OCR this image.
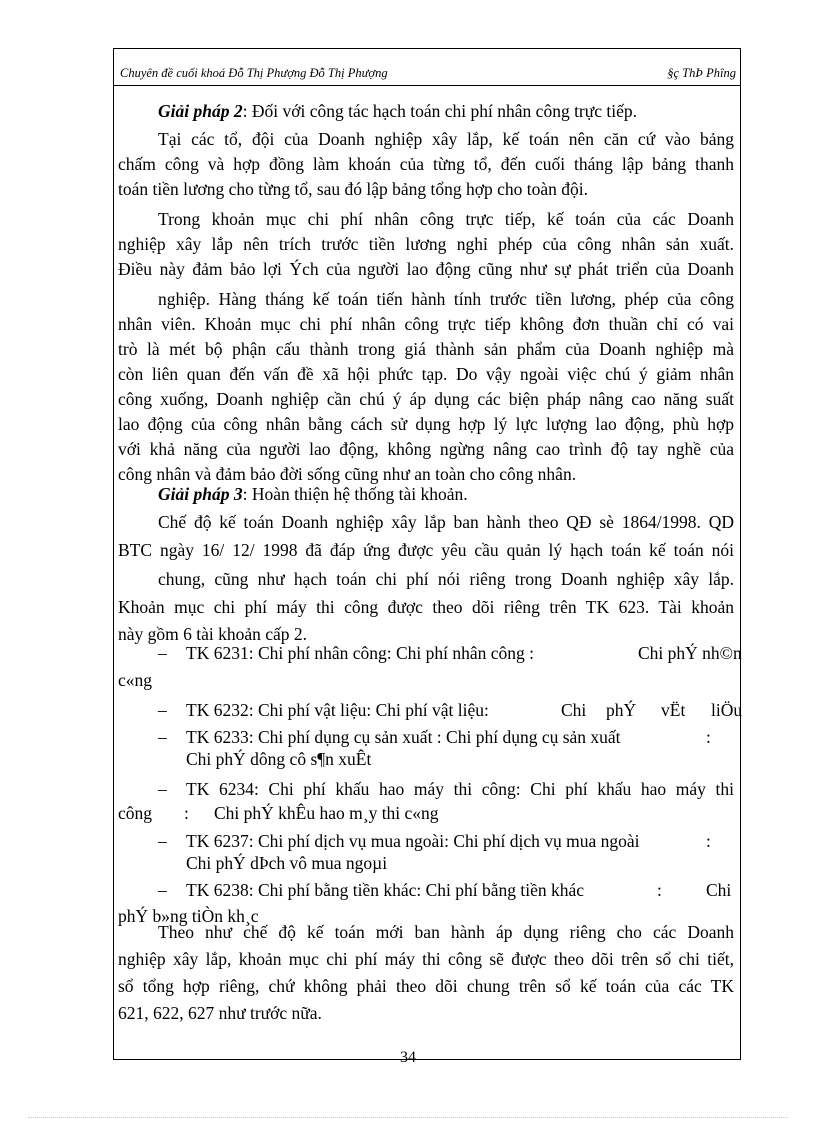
Chuyên đề cuối khoá Đỗ Thị Phượng Đỗ Thị Phượng	§ç ThÞ Phîng
Giải pháp 2: Đối với công tác hạch toán chi phí nhân công trực tiếp.
Tại các tổ, đội của Doanh nghiệp xây lắp, kế toán nên căn cứ vào bảng
chấm công và hợp đồng làm khoán của từng tổ, đến cuối tháng lập bảng thanh
toán tiền lương cho từng tổ, sau đó lập bảng tổng hợp cho toàn đội.
Trong khoản mục chi phí nhân công trực tiếp, kế toán của các Doanh
nghiệp xây lắp nên trích trước tiền lương nghỉ phép của công nhân sản xuất.
Điều này đảm bảo lợi Ých của người lao động cũng như sự phát triển của Doanh
nghiệp. Hàng tháng kế toán tiến hành tính trước tiền lương, phép của công
nhân viên. Khoản mục chi phí nhân công trực tiếp không đơn thuần chỉ có vai
trò là mét bộ phận cấu thành trong giá thành sản phẩm của Doanh nghiệp mà
còn liên quan đến vấn đề xã hội phức tạp. Do vậy ngoài việc chú ý giảm nhân
công xuống, Doanh nghiệp cần chú ý áp dụng các biện pháp nâng cao năng suất
lao động của công nhân bằng cách sử dụng hợp lý lực lượng lao động, phù hợp
với khả năng của người lao động, không ngừng nâng cao trình độ tay nghề của
công nhân và đảm bảo đời sống cũng như an toàn cho công nhân.
Giải pháp 3: Hoàn thiện hệ thống tài khoản.
Chế độ kế toán Doanh nghiệp xây lắp ban hành theo QĐ sè 1864/1998. QD
BTC ngày 16/ 12/ 1998 đã đáp ứng được yêu cầu quản lý hạch toán kế toán nói
chung, cũng như hạch toán chi phí nói riêng trong Doanh nghiệp xây lắp.
Khoản mục chi phí máy thi công được theo dõi riêng trên TK 623. Tài khoản
này gồm 6 tài khoản cấp 2.
– TK 6231: Chi phí nhân công: Chi phí nhân công :	Chi phÝ nh©n
c«ng
– TK 6232: Chi phí vật liệu: Chi phí vật liệu:	Chi phÝ vËt liÖu
– TK 6233: Chi phí dụng cụ sản xuất : Chi phí dụng cụ sản xuất	:
Chi phÝ dông cô s¶n xuÊt
– TK 6234: Chi phí khấu hao máy thi công: Chi phí khấu hao máy thi
công : Chi phÝ khÊu hao m¸y thi c«ng
– TK 6237: Chi phí dịch vụ mua ngoài: Chi phí dịch vụ mua ngoài	:
Chi phÝ dÞch vô mua ngoµi
– TK 6238: Chi phí bằng tiền khác: Chi phí bằng tiền khác	:	Chi
phÝ b»ng tiÒn kh¸c
Theo như chế độ kế toán mới ban hành áp dụng riêng cho các Doanh
nghiệp xây lắp, khoản mục chi phí máy thi công sẽ được theo dõi trên sổ chi tiết,
sổ tổng hợp riêng, chứ không phải theo dõi chung trên sổ kế toán của các TK
621, 622, 627 như trước nữa.
34
